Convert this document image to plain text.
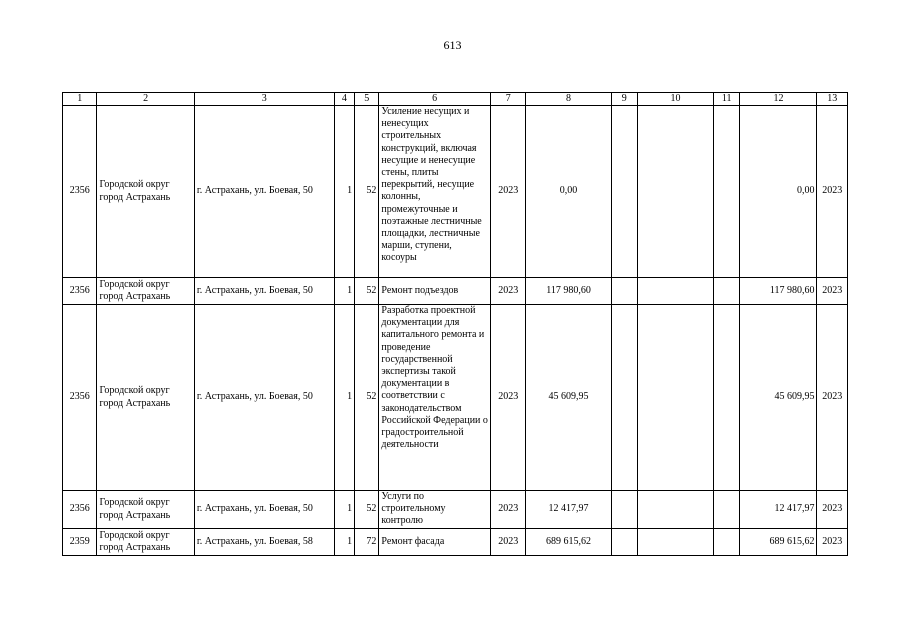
613
1	2	3	4	5	6	7	8	9	10	11	12	13
2356	Городской округ город Астрахань	г. Астрахань, ул. Боевая, 50	1	52	Усиление несущих и ненесущих строительных конструкций, включая несущие и ненесущие стены, плиты перекрытий, несущие колонны, промежуточные и поэтажные лестничные площадки, лестничные марши, ступени, косоуры	2023	0,00				0,00	2023
2356	Городской округ город Астрахань	г. Астрахань, ул. Боевая, 50	1	52	Ремонт подъездов	2023	117 980,60				117 980,60	2023
2356	Городской округ город Астрахань	г. Астрахань, ул. Боевая, 50	1	52	Разработка проектной документации для капитального ремонта и проведение государственной экспертизы такой документации в соответствии с законодательством Российской Федерации о градостроительной деятельности	2023	45 609,95				45 609,95	2023
2356	Городской округ город Астрахань	г. Астрахань, ул. Боевая, 50	1	52	Услуги по строительному контролю	2023	12 417,97				12 417,97	2023
2359	Городской округ город Астрахань	г. Астрахань, ул. Боевая, 58	1	72	Ремонт фасада	2023	689 615,62				689 615,62	2023
